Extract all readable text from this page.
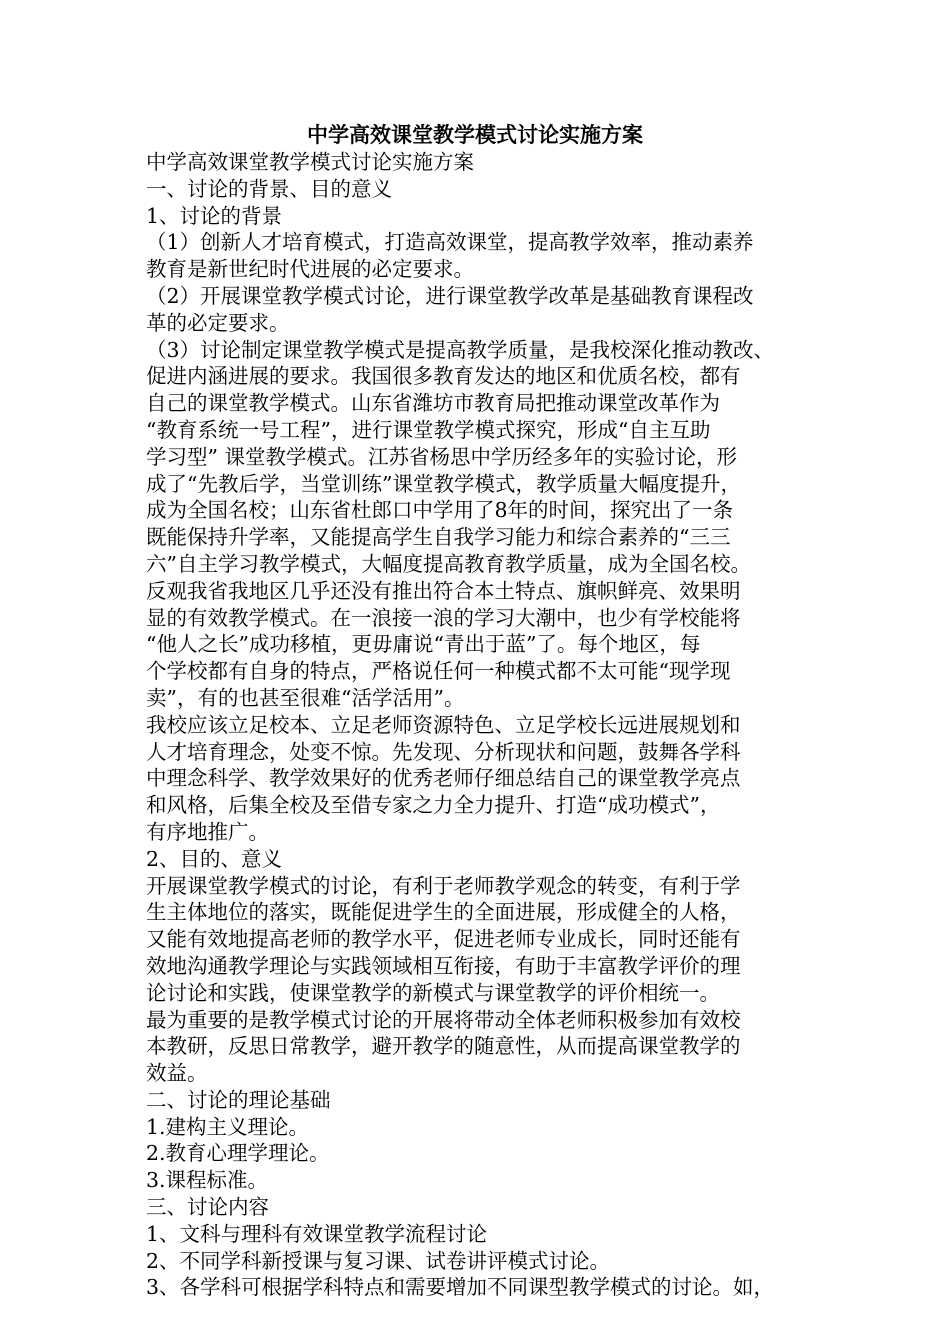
中学高效课堂教学模式讨论实施方案
中学高效课堂教学模式讨论实施方案
一、讨论的背景、目的意义
1、讨论的背景
（1）创新人才培育模式，打造高效课堂，提高教学效率，推动素养
教育是新世纪时代进展的必定要求。
（2）开展课堂教学模式讨论，进行课堂教学改革是基础教育课程改
革的必定要求。
（3）讨论制定课堂教学模式是提高教学质量，是我校深化推动教改、
促进内涵进展的要求。我国很多教育发达的地区和优质名校，都有
自己的课堂教学模式。山东省潍坊市教育局把推动课堂改革作为
“教育系统一号工程”，进行课堂教学模式探究，形成“自主互助
学习型” 课堂教学模式。江苏省杨思中学历经多年的实验讨论，形
成了“先教后学，当堂训练”课堂教学模式，教学质量大幅度提升，
成为全国名校；山东省杜郎口中学用了8年的时间，探究出了一条
既能保持升学率，又能提高学生自我学习能力和综合素养的“三三
六”自主学习教学模式，大幅度提高教育教学质量，成为全国名校。
反观我省我地区几乎还没有推出符合本土特点、旗帜鲜亮、效果明
显的有效教学模式。在一浪接一浪的学习大潮中，也少有学校能将
“他人之长”成功移植，更毋庸说“青出于蓝”了。每个地区，每
个学校都有自身的特点，严格说任何一种模式都不太可能“现学现
卖”，有的也甚至很难“活学活用”。
我校应该立足校本、立足老师资源特色、立足学校长远进展规划和
人才培育理念，处变不惊。先发现、分析现状和问题，鼓舞各学科
中理念科学、教学效果好的优秀老师仔细总结自己的课堂教学亮点
和风格，后集全校及至借专家之力全力提升、打造“成功模式”，
有序地推广。
2、目的、意义
开展课堂教学模式的讨论，有利于老师教学观念的转变，有利于学
生主体地位的落实，既能促进学生的全面进展，形成健全的人格，
又能有效地提高老师的教学水平，促进老师专业成长，同时还能有
效地沟通教学理论与实践领域相互衔接，有助于丰富教学评价的理
论讨论和实践，使课堂教学的新模式与课堂教学的评价相统一。
最为重要的是教学模式讨论的开展将带动全体老师积极参加有效校
本教研，反思日常教学，避开教学的随意性，从而提高课堂教学的
效益。
二、讨论的理论基础
1.建构主义理论。
2.教育心理学理论。
3.课程标准。
三、讨论内容
1、文科与理科有效课堂教学流程讨论
2、不同学科新授课与复习课、试卷讲评模式讨论。
3、各学科可根据学科特点和需要增加不同课型教学模式的讨论。如，
